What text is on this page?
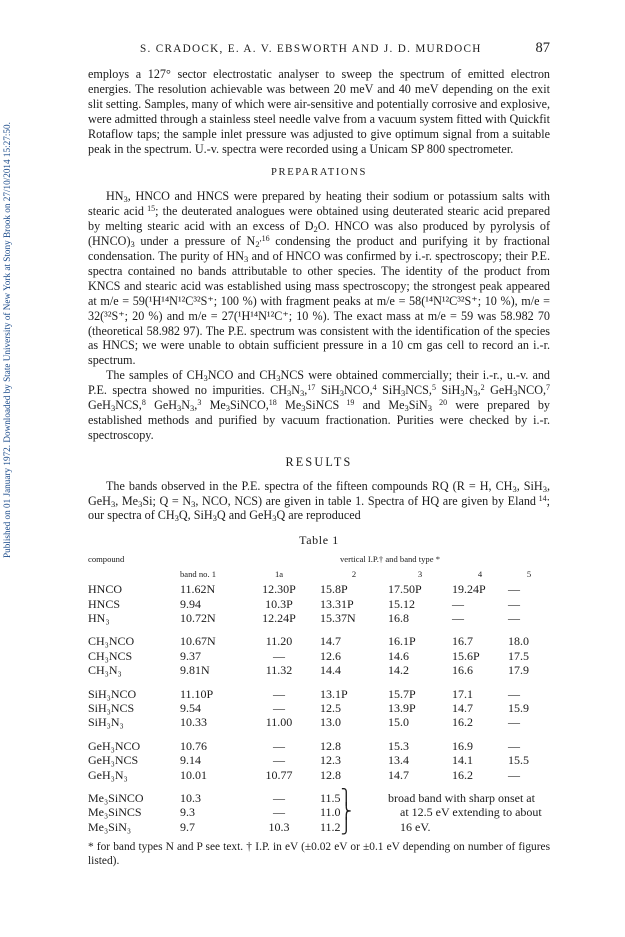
Published on 01 January 1972. Downloaded by State University of New York at Stony Brook on 27/10/2014 15:27:50.
S. CRADOCK, E. A. V. EBSWORTH AND J. D. MURDOCH	87

employs a 127° sector electrostatic analyser to sweep the spectrum of emitted electron energies. The resolution achievable was between 20 meV and 40 meV depending on the exit slit setting. Samples, many of which were air-sensitive and potentially corrosive and explosive, were admitted through a stainless steel needle valve from a vacuum system fitted with Quickfit Rotaflow taps; the sample inlet pressure was adjusted to give optimum signal from a suitable peak in the spectrum. U.-v. spectra were recorded using a Unicam SP 800 spectrometer.

PREPARATIONS

$HN_3$, HNCO and HNCS were prepared by heating their sodium or potassium salts with stearic acid $^{15}$; the deuterated analogues were obtained using deuterated stearic acid prepared by melting stearic acid with an excess of $D_2O$. HNCO was also produced by pyrolysis of $(HNCO)_3$ under a pressure of $N_2^{,16}$ condensing the product and purifying it by fractional condensation. The purity of $HN_3$ and of HNCO was confirmed by i.-r. spectroscopy; their P.E. spectra contained no bands attributable to other species. The identity of the product from KNCS and stearic acid was established using mass spectroscopy; the strongest peak appeared at m/e = 59(¹H¹⁴N¹²C³²S⁺; 100 %) with fragment peaks at m/e = 58(¹⁴N¹²C³²S⁺; 10 %), m/e = 32(³²S⁺; 20 %) and m/e = 27(¹H¹⁴N¹²C⁺; 10 %). The exact mass at m/e = 59 was 58.982 70 (theoretical 58.982 97). The P.E. spectrum was consistent with the identification of the species as HNCS; we were unable to obtain sufficient pressure in a 10 cm gas cell to record an i.-r. spectrum.

The samples of $CH_3NCO$ and $CH_3NCS$ were obtained commercially; their i.-r., u.-v. and P.E. spectra showed no impurities. $CH_3N_3,^{17}$ SiH$_3$NCO,$^4$ SiH$_3$NCS,$^5$ $SiH_3N_3,^2$ GeH$_3$NCO,$^7$ GeH$_3$NCS,$^8$ $GeH_3N_3,^3$ $Me_3SiNCO,^{18}$ $Me_3SiNCS$ $^{19}$ and $Me_3SiN_3$ $^{20}$ were prepared by established methods and purified by vacuum fractionation. Purities were checked by i.-r. spectroscopy.

RESULTS

The bands observed in the P.E. spectra of the fifteen compounds RQ (R = H, $CH_3$, SiH$_3$, GeH$_3$, $Me_3Si$; $Q = N_3$, NCO, NCS) are given in table 1. Spectra of HQ are given by Eland $^{14}$; our spectra of $CH_3Q$, SiH$_3$Q and GeH$_3$Q are reproduced

Table 1
compound			vertical I.P.† and band type *			
	band no. 1	1a	2	3	4	5
HNCO	11.62N	12.30P	15.8P	17.50P	19.24P	—
HNCS	9.94	10.3P	13.31P	15.12	—	—
HN₃	10.72N	12.24P	15.37N	16.8	—	—

CH₃NCO	10.67N	11.20	14.7	16.1P	16.7	18.0
CH₃NCS	9.37	—	12.6	14.6	15.6P	17.5
CH₃N₃	9.81N	11.32	14.4	14.2	16.6	17.9

SiH₃NCO	11.10P	—	13.1P	15.7P	17.1	—
SiH₃NCS	9.54	—	12.5	13.9P	14.7	15.9
SiH₃N₃	10.33	11.00	13.0	15.0	16.2	—

GeH₃NCO	10.76	—	12.8	15.3	16.9	—
GeH₃NCS	9.14	—	12.3	13.4	14.1	15.5
GeH₃N₃	10.01	10.77	12.8	14.7	16.2	—

Me₃SiNCO	10.3	—	11.5⎫	broad band with sharp onset at		
Me₃SiNCS	9.3	—	11.0⎬	at 12.5 eV extending to about		
Me₃SiN₃	9.7	10.3	11.2⎭	16 eV.		
* for band types N and P see text. † I.P. in eV (±0.02 eV or ±0.1 eV depending on number of figures listed).
